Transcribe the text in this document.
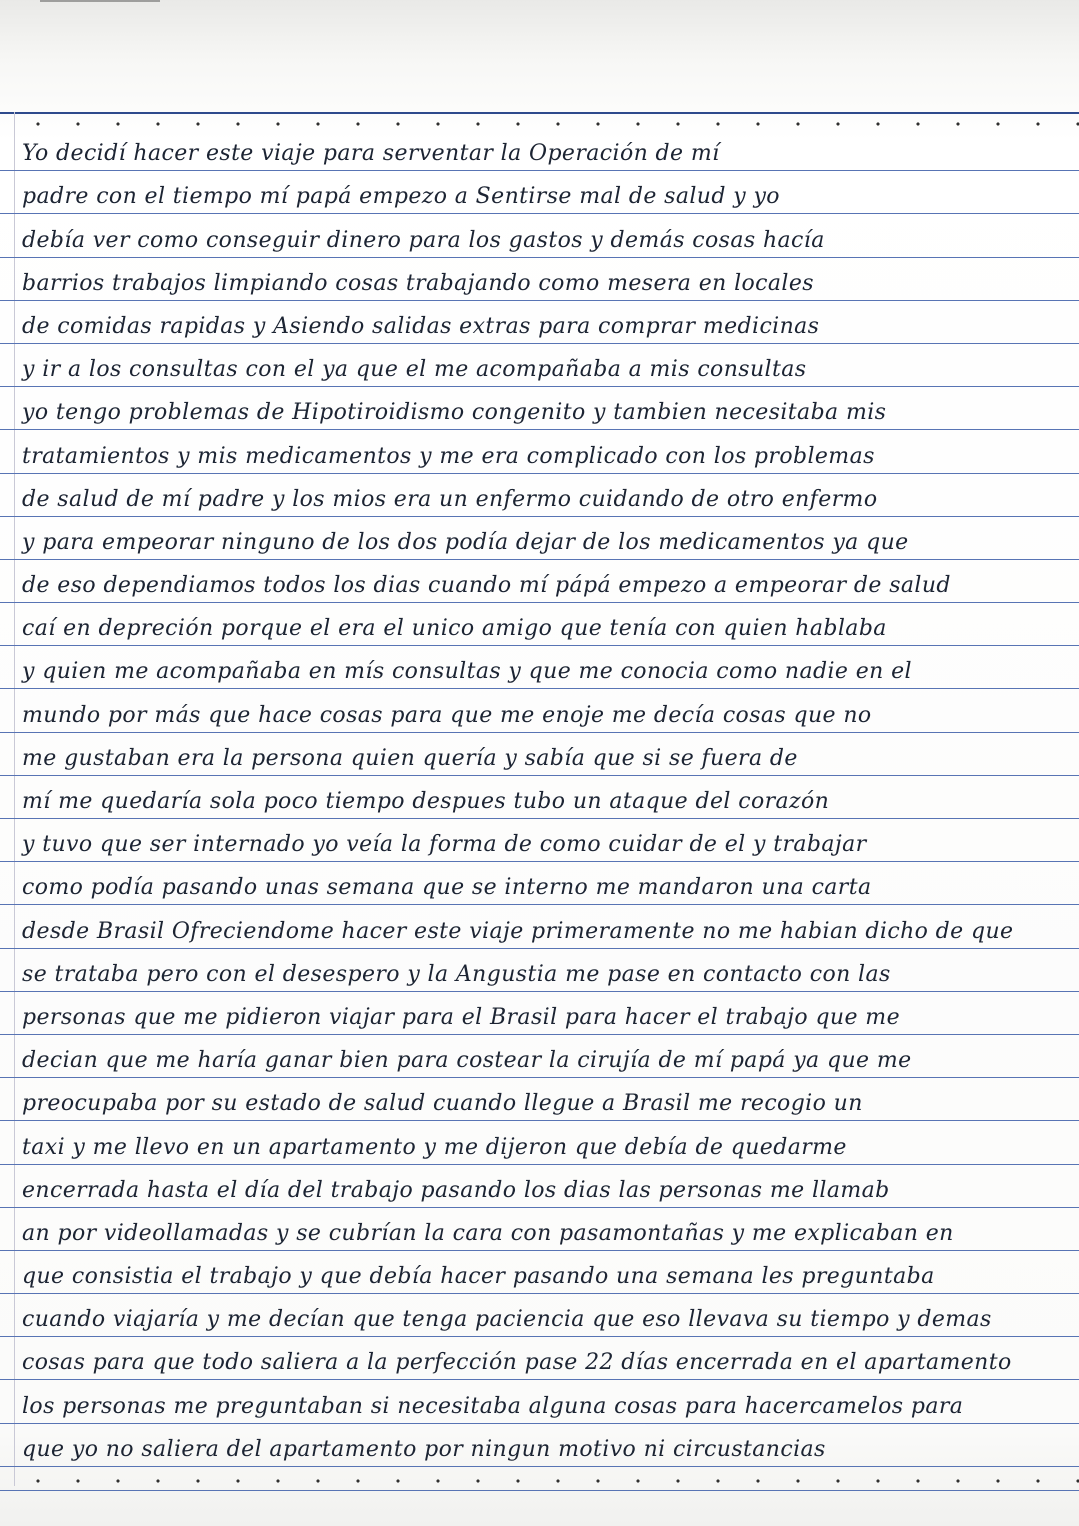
Yo decidí hacer este viaje para serventar la Operación de mí
padre con el tiempo mí papá empezo a Sentirse mal de salud y yo
debía ver como conseguir dinero para los gastos y demás cosas hacía
barrios trabajos limpiando cosas trabajando como mesera en locales
de comidas rapidas y Asiendo salidas extras para comprar medicinas
y ir a los consultas con el ya que el me acompañaba a mis consultas
yo tengo problemas de Hipotiroidismo congenito y tambien necesitaba mis
tratamientos y mis medicamentos y me era complicado con los problemas
de salud de mí padre y los mios era un enfermo cuidando de otro enfermo
y para empeorar ninguno de los dos podía dejar de los medicamentos ya que
de eso dependiamos todos los dias cuando mí pápá empezo a empeorar de salud
caí en depreción porque el era el unico amigo que tenía con quien hablaba
y quien me acompañaba en mís consultas y que me conocia como nadie en el
mundo por más que hace cosas para que me enoje me decía cosas que no
me gustaban era la persona quien quería y sabía que si se fuera de
mí me quedaría sola poco tiempo despues tubo un ataque del corazón
y tuvo que ser internado yo veía la forma de como cuidar de el y trabajar
como podía pasando unas semana que se interno me mandaron una carta
desde Brasil Ofreciendome hacer este viaje primeramente no me habian dicho de que
se trataba pero con el desespero y la Angustia me pase en contacto con las
personas que me pidieron viajar para el Brasil para hacer el trabajo que me
decian que me haría ganar bien para costear la cirujía de mí papá ya que me
preocupaba por su estado de salud cuando llegue a Brasil me recogio un
taxi y me llevo en un apartamento y me dijeron que debía de quedarme
encerrada hasta el día del trabajo pasando los dias las personas me llamab
an por videollamadas y se cubrían la cara con pasamontañas y me explicaban en
que consistia el trabajo y que debía hacer pasando una semana les preguntaba
cuando viajaría y me decían que tenga paciencia que eso llevava su tiempo y demas
cosas para que todo saliera a la perfección pase 22 días encerrada en el apartamento
los personas me preguntaban si necesitaba alguna cosas para hacercamelos para
que yo no saliera del apartamento por ningun motivo ni circustancias
